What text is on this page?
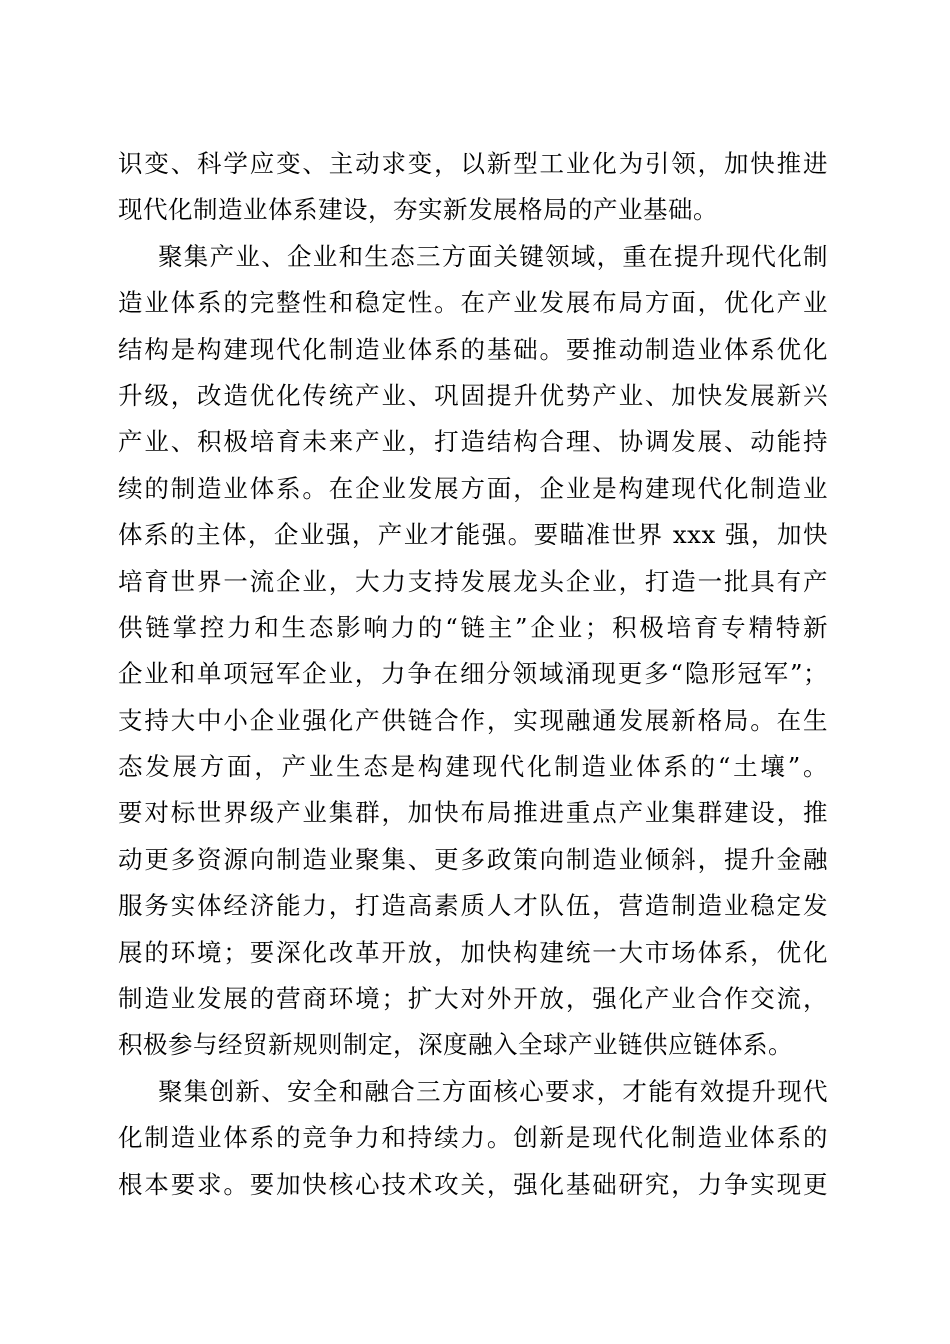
识变、科学应变、主动求变，以新型工业化为引领，加快推进
现代化制造业体系建设，夯实新发展格局的产业基础。
聚集产业、企业和生态三方面关键领域，重在提升现代化制
造业体系的完整性和稳定性。在产业发展布局方面，优化产业
结构是构建现代化制造业体系的基础。要推动制造业体系优化
升级，改造优化传统产业、巩固提升优势产业、加快发展新兴
产业、积极培育未来产业，打造结构合理、协调发展、动能持
续的制造业体系。在企业发展方面，企业是构建现代化制造业
体系的主体，企业强，产业才能强。要瞄准世界 xxx 强，加快
培育世界一流企业，大力支持发展龙头企业，打造一批具有产
供链掌控力和生态影响力的“链主”企业；积极培育专精特新
企业和单项冠军企业，力争在细分领域涌现更多“隐形冠军”；
支持大中小企业强化产供链合作，实现融通发展新格局。在生
态发展方面，产业生态是构建现代化制造业体系的“土壤”。
要对标世界级产业集群，加快布局推进重点产业集群建设，推
动更多资源向制造业聚集、更多政策向制造业倾斜，提升金融
服务实体经济能力，打造高素质人才队伍，营造制造业稳定发
展的环境；要深化改革开放，加快构建统一大市场体系，优化
制造业发展的营商环境；扩大对外开放，强化产业合作交流，
积极参与经贸新规则制定，深度融入全球产业链供应链体系。
聚集创新、安全和融合三方面核心要求，才能有效提升现代
化制造业体系的竞争力和持续力。创新是现代化制造业体系的
根本要求。要加快核心技术攻关，强化基础研究，力争实现更
